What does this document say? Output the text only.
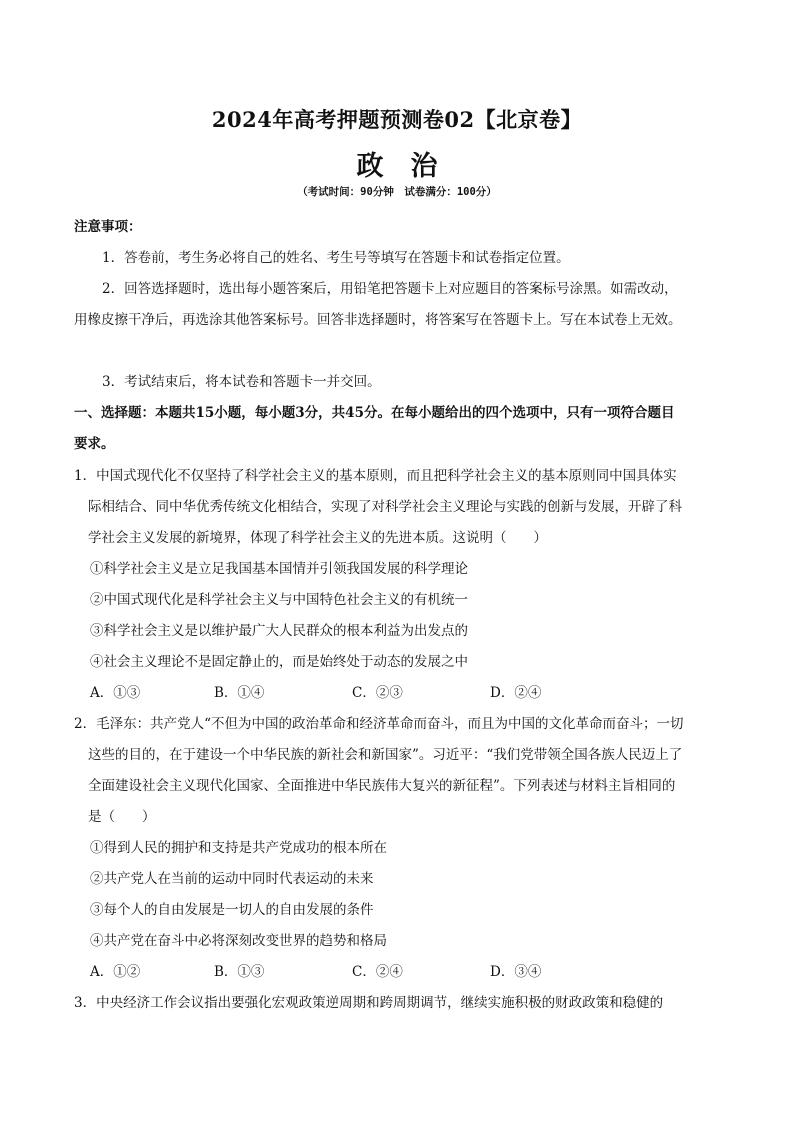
2024年高考押题预测卷02【北京卷】
政　治
（考试时间：90分钟　试卷满分：100分）
注意事项：
1．答卷前，考生务必将自己的姓名、考生号等填写在答题卡和试卷指定位置。
2．回答选择题时，选出每小题答案后，用铅笔把答题卡上对应题目的答案标号涂黑。如需改动，用橡皮擦干净后，再选涂其他答案标号。回答非选择题时，将答案写在答题卡上。写在本试卷上无效。
3．考试结束后，将本试卷和答题卡一并交回。
一、选择题：本题共15小题，每小题3分，共45分。在每小题给出的四个选项中，只有一项符合题目要求。
1．中国式现代化不仅坚持了科学社会主义的基本原则，而且把科学社会主义的基本原则同中国具体实际相结合、同中华优秀传统文化相结合，实现了对科学社会主义理论与实践的创新与发展，开辟了科学社会主义发展的新境界，体现了科学社会主义的先进本质。这说明（　　）
①科学社会主义是立足我国基本国情并引领我国发展的科学理论
②中国式现代化是科学社会主义与中国特色社会主义的有机统一
③科学社会主义是以维护最广大人民群众的根本利益为出发点的
④社会主义理论不是固定静止的，而是始终处于动态的发展之中
A．①③	B．①④	C．②③	D．②④
2．毛泽东：共产党人“不但为中国的政治革命和经济革命而奋斗，而且为中国的文化革命而奋斗；一切这些的目的，在于建设一个中华民族的新社会和新国家”。习近平：“我们党带领全国各族人民迈上了全面建设社会主义现代化国家、全面推进中华民族伟大复兴的新征程”。下列表述与材料主旨相同的是（　　）
①得到人民的拥护和支持是共产党成功的根本所在
②共产党人在当前的运动中同时代表运动的未来
③每个人的自由发展是一切人的自由发展的条件
④共产党在奋斗中必将深刻改变世界的趋势和格局
A．①②	B．①③	C．②④	D．③④
3．中央经济工作会议指出要强化宏观政策逆周期和跨周期调节，继续实施积极的财政政策和稳健的
